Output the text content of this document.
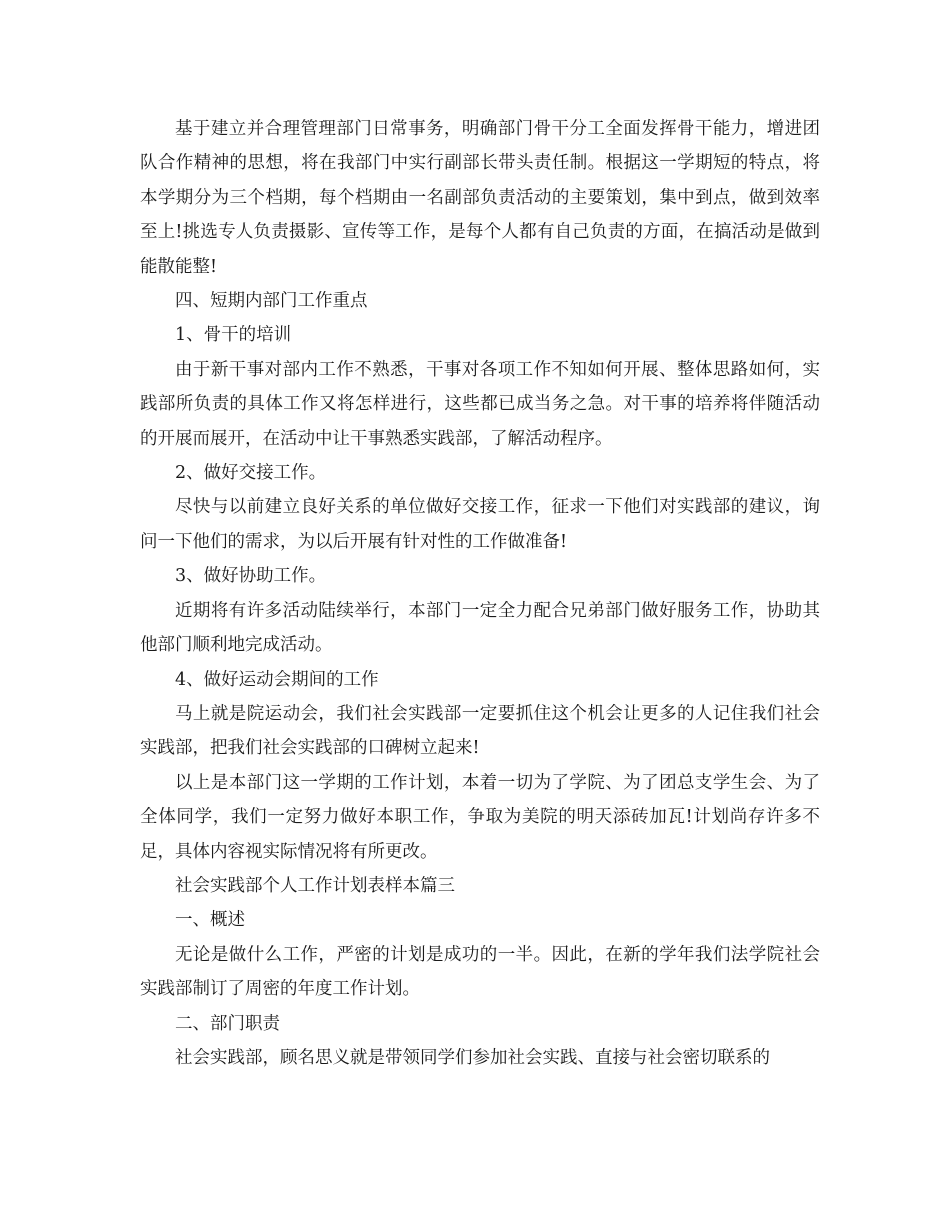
基于建立并合理管理部门日常事务，明确部门骨干分工全面发挥骨干能力，增进团队合作精神的思想，将在我部门中实行副部长带头责任制。根据这一学期短的特点，将本学期分为三个档期，每个档期由一名副部负责活动的主要策划，集中到点，做到效率至上!挑选专人负责摄影、宣传等工作，是每个人都有自己负责的方面，在搞活动是做到能散能整!

四、短期内部门工作重点

1、骨干的培训

由于新干事对部内工作不熟悉，干事对各项工作不知如何开展、整体思路如何，实践部所负责的具体工作又将怎样进行，这些都已成当务之急。对干事的培养将伴随活动的开展而展开，在活动中让干事熟悉实践部，了解活动程序。

2、做好交接工作。

尽快与以前建立良好关系的单位做好交接工作，征求一下他们对实践部的建议，询问一下他们的需求，为以后开展有针对性的工作做准备!

3、做好协助工作。

近期将有许多活动陆续举行，本部门一定全力配合兄弟部门做好服务工作，协助其他部门顺利地完成活动。

4、做好运动会期间的工作

马上就是院运动会，我们社会实践部一定要抓住这个机会让更多的人记住我们社会实践部，把我们社会实践部的口碑树立起来!

以上是本部门这一学期的工作计划，本着一切为了学院、为了团总支学生会、为了全体同学，我们一定努力做好本职工作，争取为美院的明天添砖加瓦!计划尚存许多不足，具体内容视实际情况将有所更改。

社会实践部个人工作计划表样本篇三

一、概述

无论是做什么工作，严密的计划是成功的一半。因此，在新的学年我们法学院社会实践部制订了周密的年度工作计划。

二、部门职责

社会实践部，顾名思义就是带领同学们参加社会实践、直接与社会密切联系的
